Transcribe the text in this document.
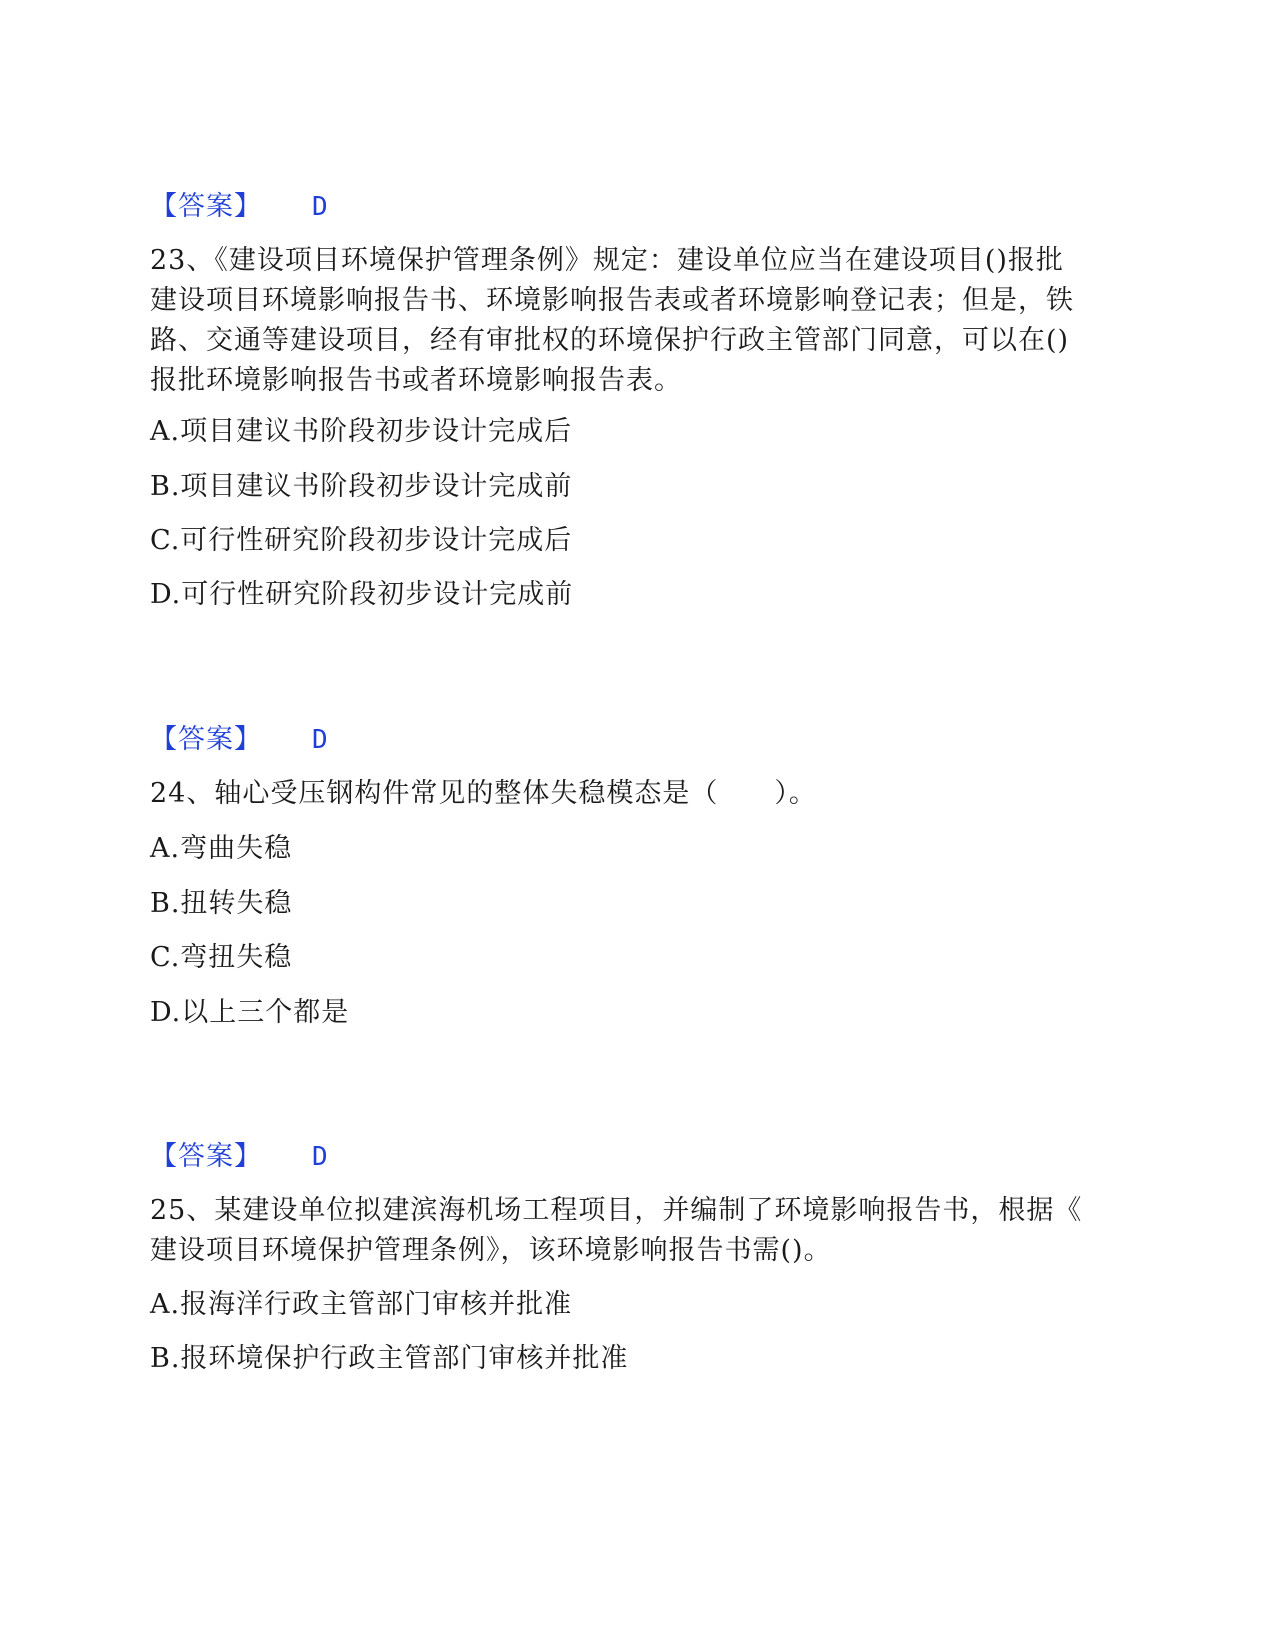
【答案】 D
23、《建设项目环境保护管理条例》规定：建设单位应当在建设项目()报批
建设项目环境影响报告书、环境影响报告表或者环境影响登记表；但是，铁
路、交通等建设项目，经有审批权的环境保护行政主管部门同意，可以在()
报批环境影响报告书或者环境影响报告表。
A.项目建议书阶段初步设计完成后
B.项目建议书阶段初步设计完成前
C.可行性研究阶段初步设计完成后
D.可行性研究阶段初步设计完成前
【答案】 D
24、轴心受压钢构件常见的整体失稳模态是（　　）。
A.弯曲失稳
B.扭转失稳
C.弯扭失稳
D.以上三个都是
【答案】 D
25、某建设单位拟建滨海机场工程项目，并编制了环境影响报告书，根据《
建设项目环境保护管理条例》，该环境影响报告书需()。
A.报海洋行政主管部门审核并批准
B.报环境保护行政主管部门审核并批准
